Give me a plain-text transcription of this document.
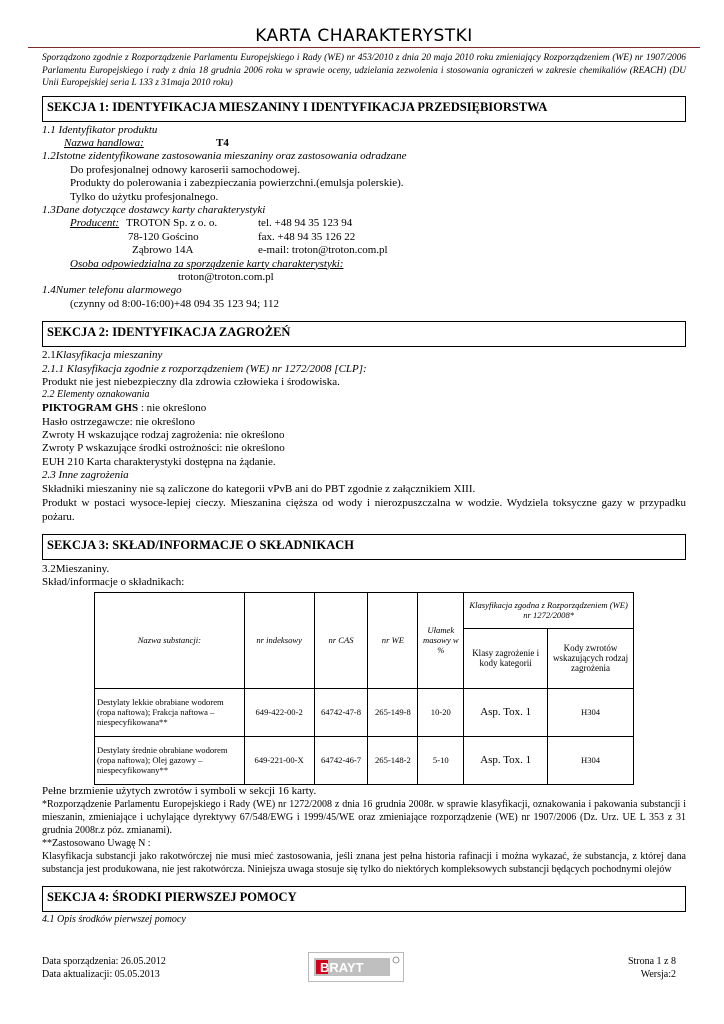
KARTA CHARAKTERYSTKI
Sporządzono zgodnie z Rozporządzenie Parlamentu Europejskiego i Rady (WE) nr 453/2010 z dnia 20 maja 2010 roku zmieniający Rozporządzeniem (WE) nr 1907/2006 Parlamentu Europejskiego i rady z dnia 18 grudnia 2006 roku w sprawie oceny, udzielania zezwolenia i stosowania ograniczeń w zakresie chemikaliów (REACH) (DU Unii Europejskiej seria L 133 z 31maja 2010 roku)
SEKCJA 1: IDENTYFIKACJA MIESZANINY I IDENTYFIKACJA PRZEDSIĘBIORSTWA
1.1 Identyfikator produktu
Nazwa handlowa:	T4
1.2Istotne zidentyfikowane zastosowania mieszaniny oraz zastosowania odradzane
Do profesjonalnej odnowy karoserii samochodowej.
Produkty do polerowania i zabezpieczania powierzchni.(emulsja polerskie).
Tylko do użytku profesjonalnego.
1.3Dane dotyczące dostawcy karty charakterystyki
Producent: TROTON Sp. z o. o.	tel. +48 94 35 123 94
78-120 Gościno	fax. +48 94 35 126 22
Ząbrowo 14A	e-mail: troton@troton.com.pl
Osoba odpowiedzialna za sporządzenie karty charakterystyki:
troton@troton.com.pl
1.4Numer telefonu alarmowego
(czynny od 8:00-16:00)+48 094 35 123 94; 112
SEKCJA 2: IDENTYFIKACJA ZAGROŻEŃ
2.1Klasyfikacja mieszaniny
2.1.1 Klasyfikacja zgodnie z rozporządzeniem (WE) nr 1272/2008 [CLP]:
Produkt nie jest niebezpieczny dla zdrowia człowieka i środowiska.
2.2 Elementy oznakowania
PIKTOGRAM GHS : nie określono
Hasło ostrzegawcze: nie określono
Zwroty H wskazujące rodzaj zagrożenia: nie określono
Zwroty P wskazujące środki ostrożności: nie określono
EUH 210 Karta charakterystyki dostępna na żądanie.
2.3 Inne zagrożenia
Składniki mieszaniny nie są zaliczone do kategorii vPvB ani do PBT zgodnie z załącznikiem XIII.
Produkt w postaci wysoce-lepiej cieczy. Mieszanina cięższa od wody i nierozpuszczalna w wodzie. Wydziela toksyczne gazy w przypadku pożaru.
SEKCJA 3: SKŁAD/INFORMACJE O SKŁADNIKACH
3.2Mieszaniny.
Skład/informacje o składnikach:
Nazwa substancji:	nr indeksowy	nr CAS	nr WE	Ułamek masowy w %	Klasyfikacja zgodna z Rozporządzeniem (WE) nr 1272/2008*	
					Klasy zagrożenie i kody kategorii	Kody zwrotów wskazujących rodzaj zagrożenia
Destylaty lekkie obrabiane wodorem (ropa naftowa); Frakcja naftowa – niespecyfikowana**	649-422-00-2	64742-47-8	265-149-8	10-20	Asp. Tox. 1	H304
Destylaty średnie obrabiane wodorem (ropa naftowa); Olej gazowy – niespecyfikowany**	649-221-00-X	64742-46-7	265-148-2	5-10	Asp. Tox. 1	H304
Pełne brzmienie użytych zwrotów i symboli w sekcji 16 karty.
*Rozporządzenie Parlamentu Europejskiego i Rady (WE) nr 1272/2008 z dnia 16 grudnia 2008r. w sprawie klasyfikacji, oznakowania i pakowania substancji i mieszanin, zmieniające i uchylające dyrektywy 67/548/EWG i 1999/45/WE oraz zmieniające rozporządzenie (WE) nr 1907/2006 (Dz. Urz. UE L 353 z 31 grudnia 2008r.z póz. zmianami).
**Zastosowano Uwagę N :
Klasyfikacja substancji jako rakotwórczej nie musi mieć zastosowania, jeśli znana jest pełna historia rafinacji i można wykazać, że substancja, z której dana substancja jest produkowana, nie jest rakotwórcza. Niniejsza uwaga stosuje się tylko do niektórych kompleksowych substancji będących pochodnymi olejów
SEKCJA 4: ŚRODKI PIERWSZEJ POMOCY
4.1 Opis środków pierwszej pomocy
Data sporządzenia: 26.05.2012
Data aktualizacji: 05.05.2013	BRAYT	Strona 1 z 8
Wersja:2
